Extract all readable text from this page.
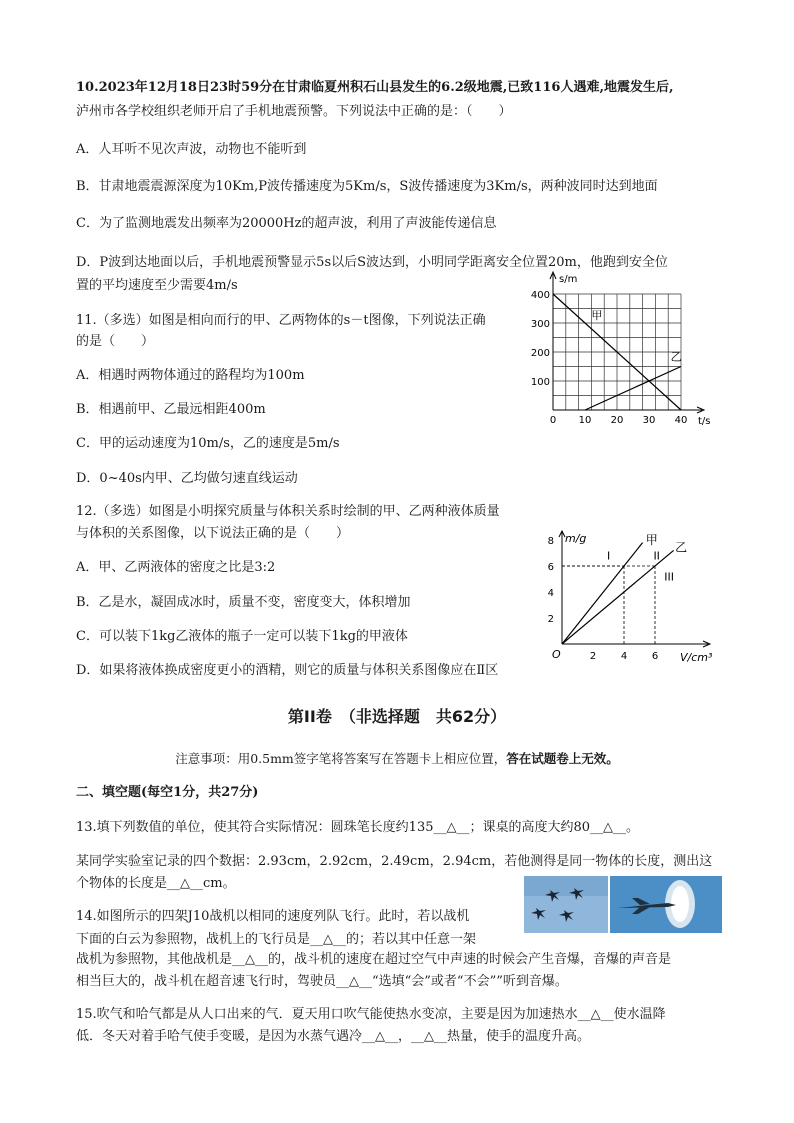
10.2023年12月18日23时59分在甘肃临夏州积石山县发生的6.2级地震,已致116人遇难,地震发生后,
泸州市各学校组织老师开启了手机地震预警。下列说法中正确的是：（　　）
A．人耳听不见次声波，动物也不能听到
B．甘肃地震震源深度为10Km,P波传播速度为5Km/s，S波传播速度为3Km/s，两种波同时达到地面
C．为了监测地震发出频率为20000Hz的超声波，利用了声波能传递信息
D．P波到达地面以后，手机地震预警显示5s以后S波达到，小明同学距离安全位置20m，他跑到安全位
置的平均速度至少需要4m/s
11.（多选）如图是相向而行的甲、乙两物体的s－t图像，下列说法正确
的是（　　）
A．相遇时两物体通过的路程均为100m
B．相遇前甲、乙最远相距400m
C．甲的运动速度为10m/s，乙的速度是5m/s
D．0~40s内甲、乙均做匀速直线运动
s/m
t/s
0 10 20 30 40
100
200
300
400
甲
乙
12.（多选）如图是小明探究质量与体积关系时绘制的甲、乙两种液体质量
与体积的关系图像，以下说法正确的是（　　）
A．甲、乙两液体的密度之比是3:2
B．乙是水，凝固成冰时，质量不变，密度变大，体积增加
C．可以装下1kg乙液体的瓶子一定可以装下1kg的甲液体
D．如果将液体换成密度更小的酒精，则它的质量与体积关系图像应在Ⅱ区
m/g
V/cm³
O	2 4 6
2
4
6
8	甲
乙
I	II
III
第II卷　（非选择题　共62分）
注意事项：用0.5mm签字笔将答案写在答题卡上相应位置，答在试题卷上无效。
二、填空题(每空1分，共27分)
13.填下列数值的单位，使其符合实际情况：圆珠笔长度约135__△__；课桌的高度大约80__△__。
某同学实验室记录的四个数据：2.93cm，2.92cm，2.49cm，2.94cm，若他测得是同一物体的长度，测出这
个物体的长度是__△__cm。
14.如图所示的四架J10战机以相同的速度列队飞行。此时，若以战机
下面的白云为参照物，战机上的飞行员是__△__的；若以其中任意一架
战机为参照物，其他战机是__△__的，战斗机的速度在超过空气中声速的时候会产生音爆，音爆的声音是
相当巨大的，战斗机在超音速飞行时，驾驶员__△__“选填“会”或者“不会””听到音爆。
15.吹气和哈气都是从人口出来的气．夏天用口吹气能使热水变凉，主要是因为加速热水__△__使水温降
低．冬天对着手哈气使手变暖，是因为水蒸气遇冷__△__，__△__热量，使手的温度升高。
